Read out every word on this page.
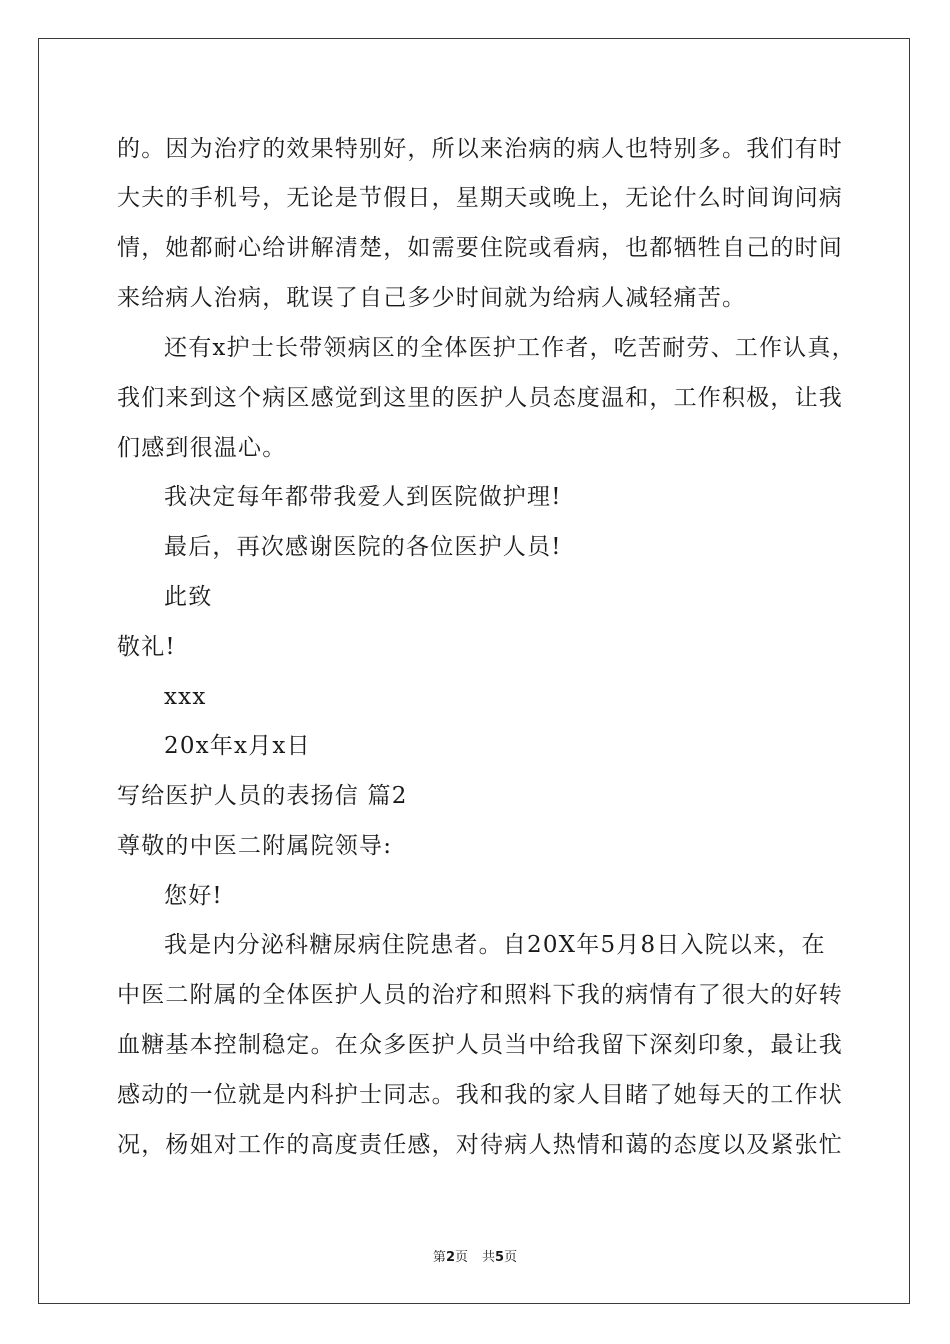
的。因为治疗的效果特别好，所以来治病的病人也特别多。我们有时
大夫的手机号，无论是节假日，星期天或晚上，无论什么时间询问病
情，她都耐心给讲解清楚，如需要住院或看病，也都牺牲自己的时间
来给病人治病，耽误了自己多少时间就为给病人减轻痛苦。
还有x护士长带领病区的全体医护工作者，吃苦耐劳、工作认真，
我们来到这个病区感觉到这里的医护人员态度温和，工作积极，让我
们感到很温心。
我决定每年都带我爱人到医院做护理!
最后，再次感谢医院的各位医护人员!
此致
敬礼!
xxx
20x年x月x日
写给医护人员的表扬信 篇2
尊敬的中医二附属院领导:
您好!
我是内分泌科糖尿病住院患者。自20X年5月8日入院以来，在
中医二附属的全体医护人员的治疗和照料下我的病情有了很大的好转
血糖基本控制稳定。在众多医护人员当中给我留下深刻印象，最让我
感动的一位就是内科护士同志。我和我的家人目睹了她每天的工作状
况，杨姐对工作的高度责任感，对待病人热情和蔼的态度以及紧张忙
第2页 共5页
